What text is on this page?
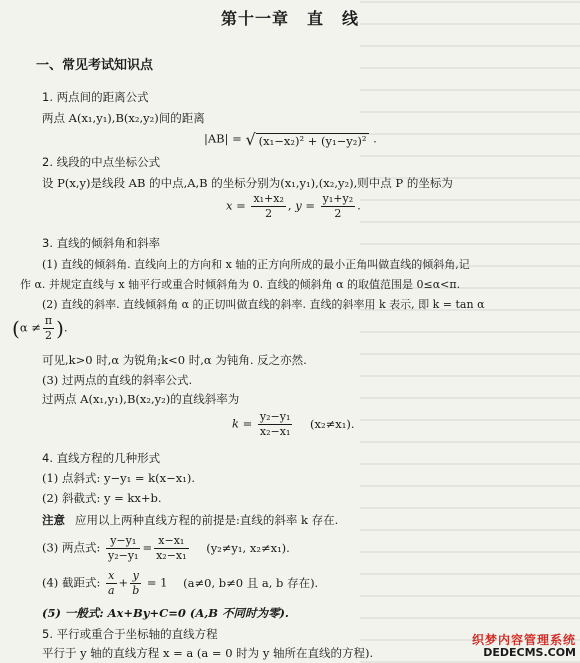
第十一章 直 线
一、常见考试知识点
1. 两点间的距离公式
两点 A(x₁,y₁),B(x₂,y₂)间的距离
|AB| = √ (x₁−x₂)² + (y₁−y₂)² .
2. 线段的中点坐标公式
设 P(x,y)是线段 AB 的中点,A,B 的坐标分别为(x₁,y₁),(x₂,y₂),则中点 P 的坐标为
$x = \frac{\text{x₁+x₂}}{2}$ , $y = \frac{\text{y₁+y₂}}{2}$ .
3. 直线的倾斜角和斜率
(1) 直线的倾斜角. 直线向上的方向和 x 轴的正方向所成的最小正角叫做直线的倾斜角,记
作 α. 并规定直线与 x 轴平行或重合时倾斜角为 0. 直线的倾斜角 α 的取值范围是 0≤α<π.
(2) 直线的斜率. 直线倾斜角 α 的正切叫做直线的斜率. 直线的斜率用 k 表示, 即 k = tan α
($\alpha \ne \frac{\pi}{2}$ ).
可见,k>0 时,α 为锐角;k<0 时,α 为钝角. 反之亦然.
(3) 过两点的直线的斜率公式.
过两点 A(x₁,y₁),B(x₂,y₂)的直线斜率为
$k = \frac{\text{y₂−y₁}}{\text{x₂−x₁}} (x_2\ne x_1)$.
4. 直线方程的几种形式
(1) 点斜式: y−y₁ = k(x−x₁).
(2) 斜截式: y = kx+b.
注意 应用以上两种直线方程的前提是:直线的斜率 k 存在.
(3) 两点式: $\frac{\text{y−y₁}}{\text{y₂−y₁}} = \frac{\text{x−x₁}}{\text{x₂−x₁}} (y_2\ne y_1$, x₂≠x₁).
(4) 截距式: $\frac{x}{a} + \frac{y}{b} = 1$ (a≠0, b≠0 且 a, b 存在).
(5) 一般式: Ax+By+C=0 (A,B 不同时为零).
5. 平行或重合于坐标轴的直线方程
平行于 y 轴的直线方程 x = a (a = 0 时为 y 轴所在直线的方程).
织梦内容管理系统
DEDECMS.COM
